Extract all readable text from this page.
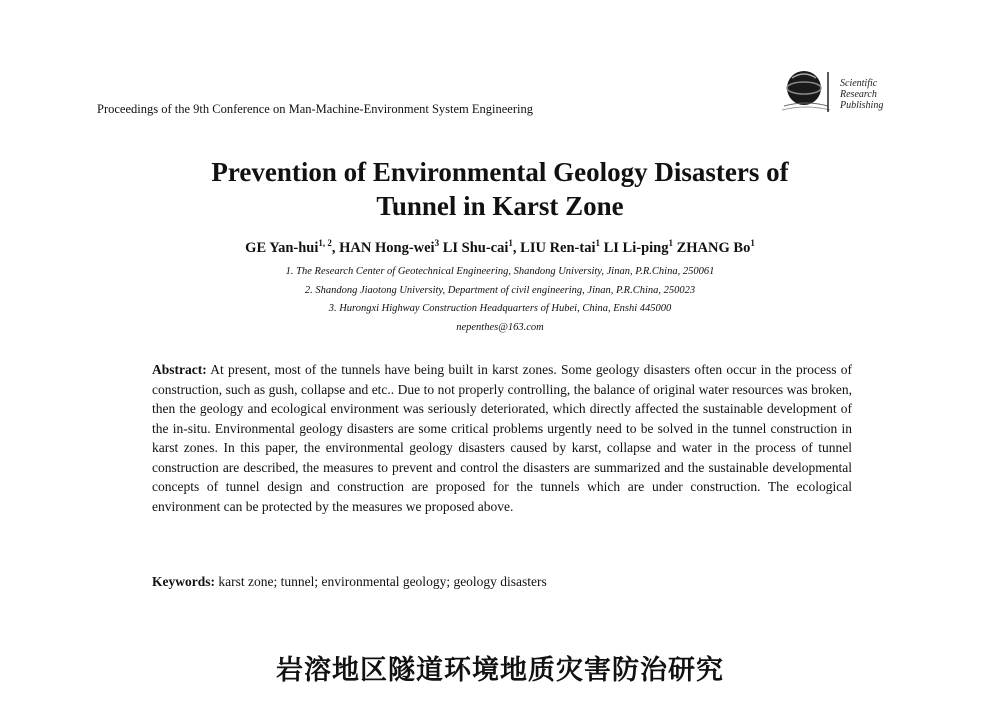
Proceedings of the 9th Conference on Man-Machine-Environment System Engineering
Scientific
Research
Publishing
Prevention of Environmental Geology Disasters of
Tunnel in Karst Zone
GE Yan-hui$^{1, 2}$, HAN Hong-wei$^3$ LI Shu-cai$^1$, LIU Ren-tai$^1$ LI Li-ping$^1$ ZHANG Bo$^1$
1. The Research Center of Geotechnical Engineering, Shandong University, Jinan, P.R.China, 250061
2. Shandong Jiaotong University, Department of civil engineering, Jinan, P.R.China, 250023
3. Hurongxi Highway Construction Headquarters of Hubei, China, Enshi 445000
nepenthes@163.com

Abstract: At present, most of the tunnels have being built in karst zones. Some geology disasters often occur in the process of construction, such as gush, collapse and etc.. Due to not properly controlling, the balance of original water resources was broken, then the geology and ecological environment was seriously deteriorated, which directly affected the sustainable development of the in-situ. Environmental geology disasters are some critical problems urgently need to be solved in the tunnel construction in karst zones. In this paper, the environmental geology disasters caused by karst, collapse and water in the process of tunnel construction are described, the measures to prevent and control the disasters are summarized and the sustainable developmental concepts of tunnel design and construction are proposed for the tunnels which are under construction. The ecological environment can be protected by the measures we proposed above.

Keywords: karst zone; tunnel; environmental geology; geology disasters

岩溶地区隧道环境地质灾害防治研究
